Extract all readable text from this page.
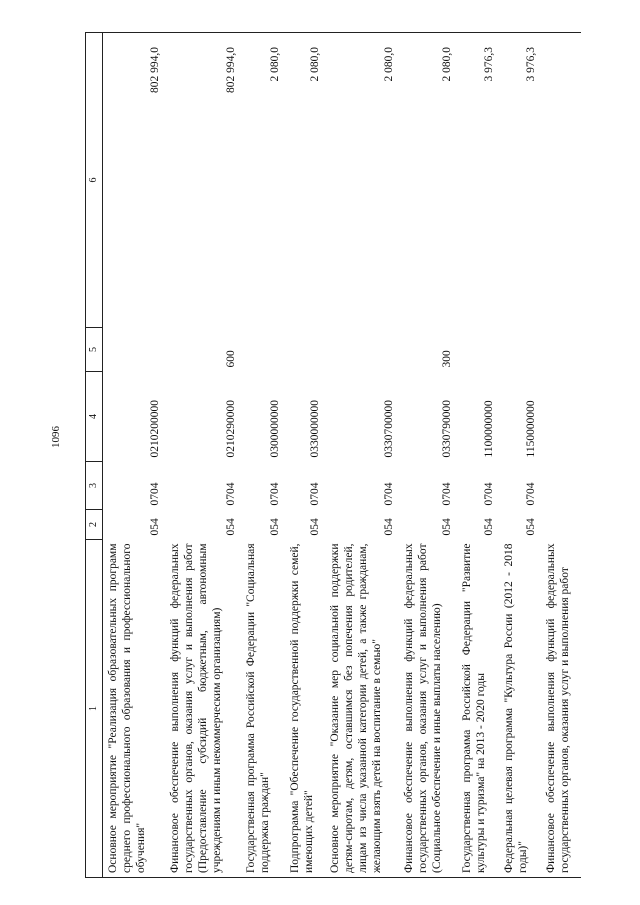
1096
1	2	3	4	5	6
Основное мероприятие "Реализация образовательных программ среднего профессионального образования и профессионального обучения"	054	0704	0210200000		802 994,0
Финансовое обеспечение выполнения функций федеральных государственных органов, оказания услуг и выполнения работ (Предоставление субсидий бюджетным, автономным учреждениям и иным некоммерческим организациям)	054	0704	0210290000	600	802 994,0
Государственная программа Российской Федерации "Социальная поддержка граждан"	054	0704	0300000000		2 080,0
Подпрограмма "Обеспечение государственной поддержки семей, имеющих детей"	054	0704	0330000000		2 080,0
Основное мероприятие "Оказание мер социальной поддержки детям-сиротам, детям, оставшимся без попечения родителей, лицам из числа указанной категории детей, а также гражданам, желающим взять детей на воспитание в семью"	054	0704	0330700000		2 080,0
Финансовое обеспечение выполнения функций федеральных государственных органов, оказания услуг и выполнения работ (Социальное обеспечение и иные выплаты населению)	054	0704	0330790000	300	2 080,0
Государственная программа Российской Федерации "Развитие культуры и туризма" на 2013 - 2020 годы	054	0704	1100000000		3 976,3
Федеральная целевая программа "Культура России (2012 - 2018 годы)"	054	0704	1150000000		3 976,3
Финансовое обеспечение выполнения функций федеральных государственных органов, оказания услуг и выполнения работ					
